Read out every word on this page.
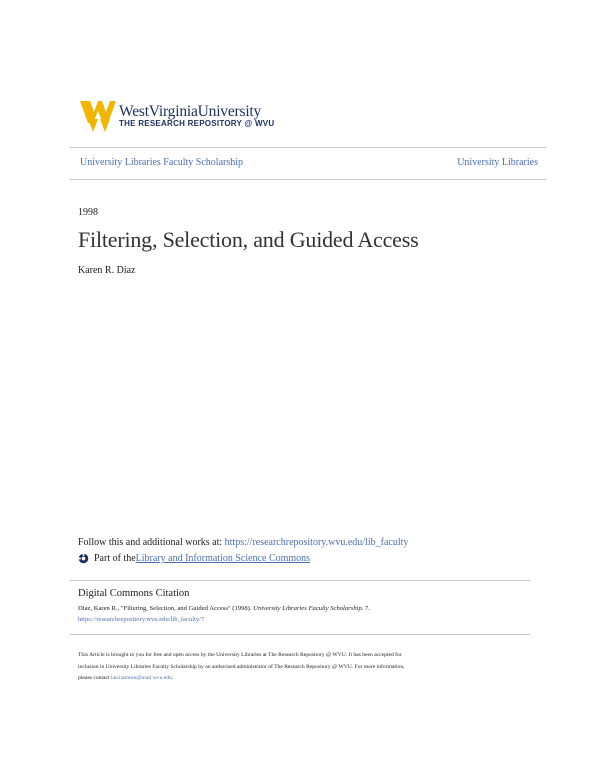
WestVirginiaUniversity
THE RESEARCH REPOSITORY @ WVU
University Libraries Faculty Scholarship	University Libraries
1998
Filtering, Selection, and Guided Access
Karen R. Diaz
Follow this and additional works at: https://researchrepository.wvu.edu/lib_faculty
Part of the Library and Information Science Commons
Digital Commons Citation
Diaz, Karen R., "Filtering, Selection, and Guided Access" (1998). University Libraries Faculty Scholarship. 7.
https://researchrepository.wvu.edu/lib_faculty/7
This Article is brought to you for free and open access by the University Libraries at The Research Repository @ WVU. It has been accepted for
inclusion in University Libraries Faculty Scholarship by an authorized administrator of The Research Repository @ WVU. For more information,
please contact ian.harmon@mail.wvu.edu.
